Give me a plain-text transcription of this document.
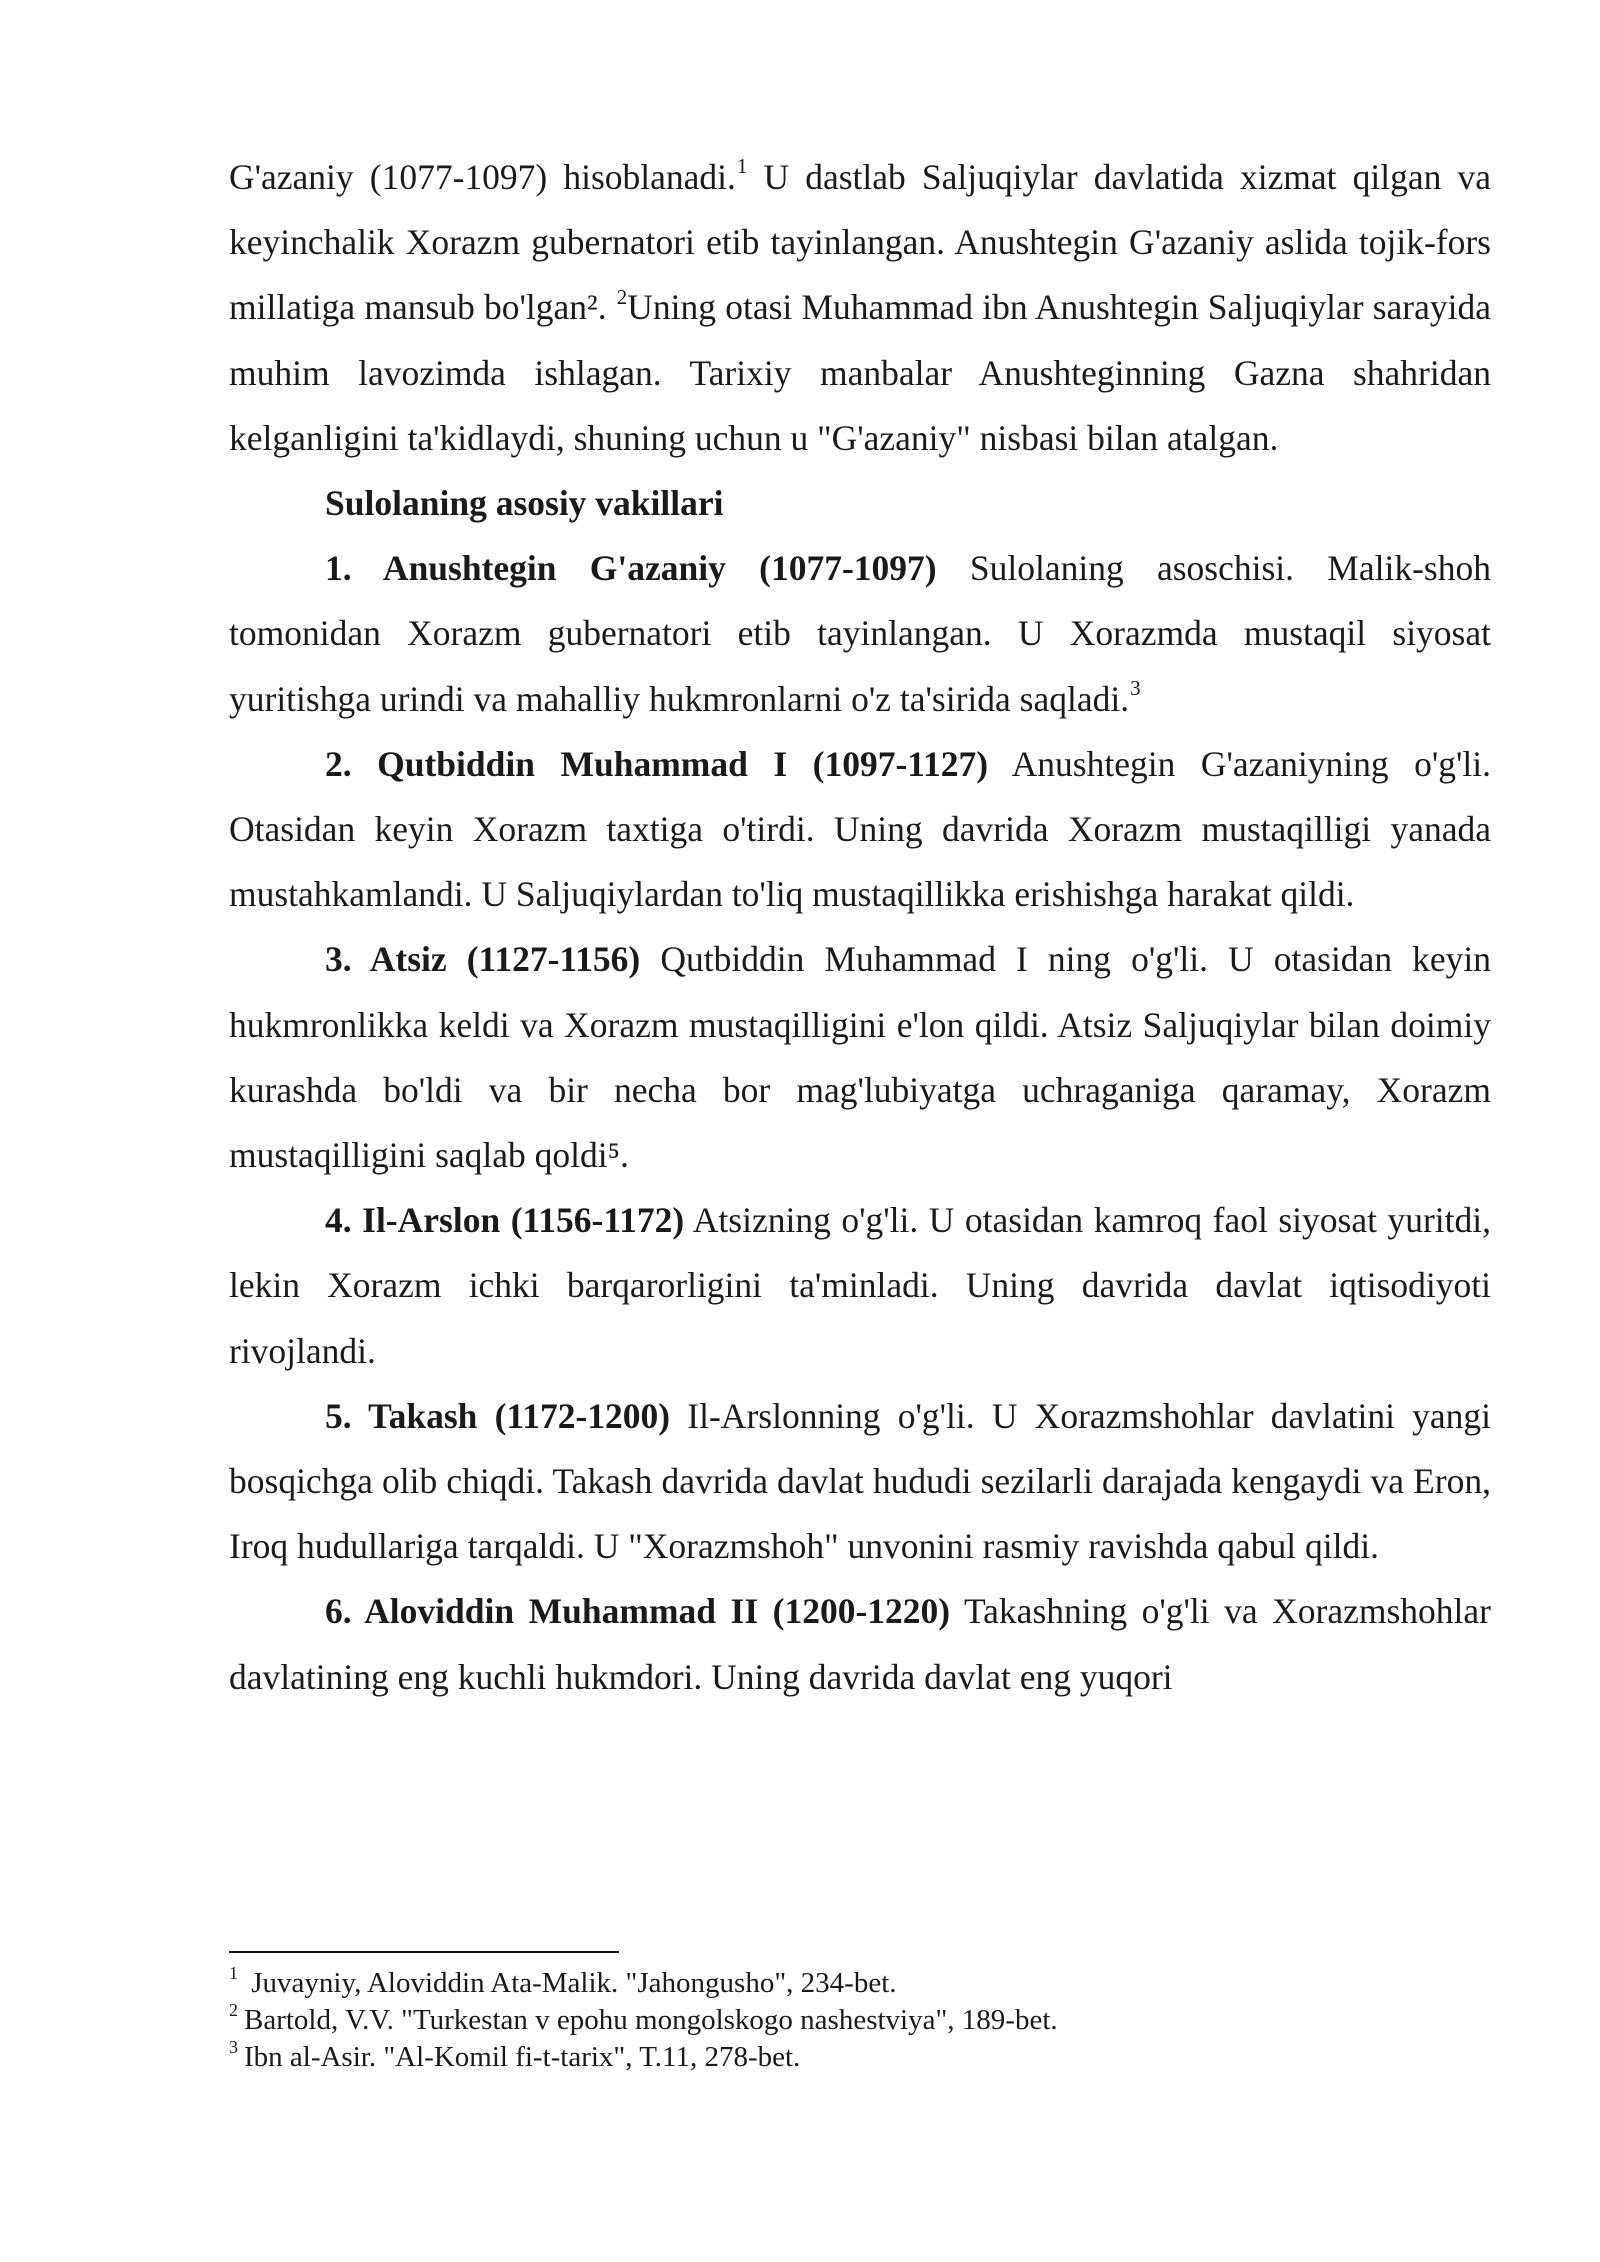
G'azaniy (1077-1097) hisoblanadi.$^1$ U dastlab Saljuqiylar davlatida xizmat qilgan va keyinchalik Xorazm gubernatori etib tayinlangan. Anushtegin G'azaniy aslida tojik-fors millatiga mansub bo'lgan². $^2$Uning otasi Muhammad ibn Anushtegin Saljuqiylar sarayida muhim lavozimda ishlagan. Tarixiy manbalar Anushteginning Gazna shahridan kelganligini ta'kidlaydi, shuning uchun u "G'azaniy" nisbasi bilan atalgan.

Sulolaning asosiy vakillari

1. Anushtegin G'azaniy (1077-1097) Sulolaning asoschisi. Malik-shoh tomonidan Xorazm gubernatori etib tayinlangan. U Xorazmda mustaqil siyosat yuritishga urindi va mahalliy hukmronlarni o'z ta'sirida saqladi.$^3$

2. Qutbiddin Muhammad I (1097-1127) Anushtegin G'azaniyning o'g'li. Otasidan keyin Xorazm taxtiga o'tirdi. Uning davrida Xorazm mustaqilligi yanada mustahkamlandi. U Saljuqiylardan to'liq mustaqillikka erishishga harakat qildi.

3. Atsiz (1127-1156) Qutbiddin Muhammad I ning o'g'li. U otasidan keyin hukmronlikka keldi va Xorazm mustaqilligini e'lon qildi. Atsiz Saljuqiylar bilan doimiy kurashda bo'ldi va bir necha bor mag'lubiyatga uchraganiga qaramay, Xorazm mustaqilligini saqlab qoldi⁵.

4. Il-Arslon (1156-1172) Atsizning o'g'li. U otasidan kamroq faol siyosat yuritdi, lekin Xorazm ichki barqarorligini ta'minladi. Uning davrida davlat iqtisodiyoti rivojlandi.

5. Takash (1172-1200) Il-Arslonning o'g'li. U Xorazmshohlar davlatini yangi bosqichga olib chiqdi. Takash davrida davlat hududi sezilarli darajada kengaydi va Eron, Iroq hudullariga tarqaldi. U "Xorazmshoh" unvonini rasmiy ravishda qabul qildi.

6. Aloviddin Muhammad II (1200-1220) Takashning o'g'li va Xorazmshohlar davlatining eng kuchli hukmdori. Uning davrida davlat eng yuqori

$^1$ Juvayniy, Aloviddin Ata-Malik. "Jahongusho", 234-bet.

$^2$ Bartold, V.V. "Turkestan v epohu mongolskogo nashestviya", 189-bet.

$^3$ Ibn al-Asir. "Al-Komil fi-t-tarix", T.11, 278-bet.
